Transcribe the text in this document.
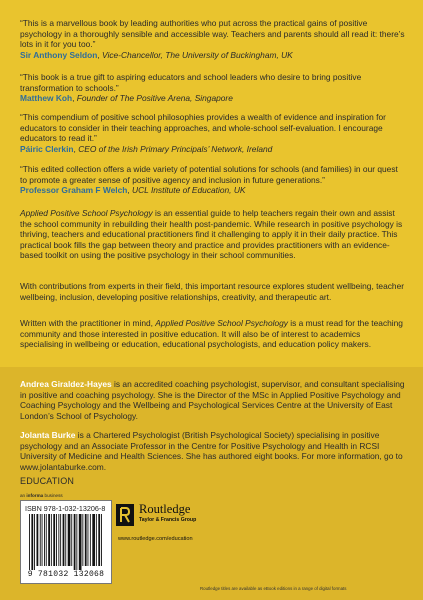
“This is a marvellous book by leading authorities who put across the practical gains of positive psychology in a thoroughly sensible and accessible way. Teachers and parents should all read it: there’s lots in it for you too.”

Sir Anthony Seldon, Vice-Chancellor, The University of Buckingham, UK

“This book is a true gift to aspiring educators and school leaders who desire to bring positive transformation to schools.”

Matthew Koh, Founder of The Positive Arena, Singapore

“This compendium of positive school philosophies provides a wealth of evidence and inspiration for educators to consider in their teaching approaches, and whole-school self-evaluation. I encourage educators to read it.”

Páiric Clerkin, CEO of the Irish Primary Principals’ Network, Ireland

“This edited collection offers a wide variety of potential solutions for schools (and families) in our quest to promote a greater sense of positive agency and inclusion in future generations.”

Professor Graham F Welch, UCL Institute of Education, UK

Applied Positive School Psychology is an essential guide to help teachers regain their own and assist the school community in rebuilding their health post-pandemic. While research in positive psychology is thriving, teachers and educational practitioners find it challenging to apply it in their daily practice. This practical book fills the gap between theory and practice and provides practitioners with an evidence-based toolkit on using the positive psychology in their school communities.

With contributions from experts in their field, this important resource explores student wellbeing, teacher wellbeing, inclusion, developing positive relationships, creativity, and therapeutic art.

Written with the practitioner in mind, Applied Positive School Psychology is a must read for the teaching community and those interested in positive education. It will also be of interest to academics specialising in wellbeing or education, educational psychologists, and education policy makers.

Andrea Giraldez-Hayes is an accredited coaching psychologist, supervisor, and consultant specialising in positive and coaching psychology. She is the Director of the MSc in Applied Positive Psychology and Coaching Psychology and the Wellbeing and Psychological Services Centre at the University of East London’s School of Psychology.

Jolanta Burke is a Chartered Psychologist (British Psychological Society) specialising in positive psychology and an Associate Professor in the Centre for Positive Psychology and Health in RCSI University of Medicine and Health Sciences. She has authored eight books. For more information, go to www.jolantaburke.com.

EDUCATION
an informa business
ISBN 978-1-032-13206-8
9 781032 132068
Routledge
Taylor & Francis Group
www.routledge.com/education
Routledge titles are available as eBook editions in a range of digital formats
